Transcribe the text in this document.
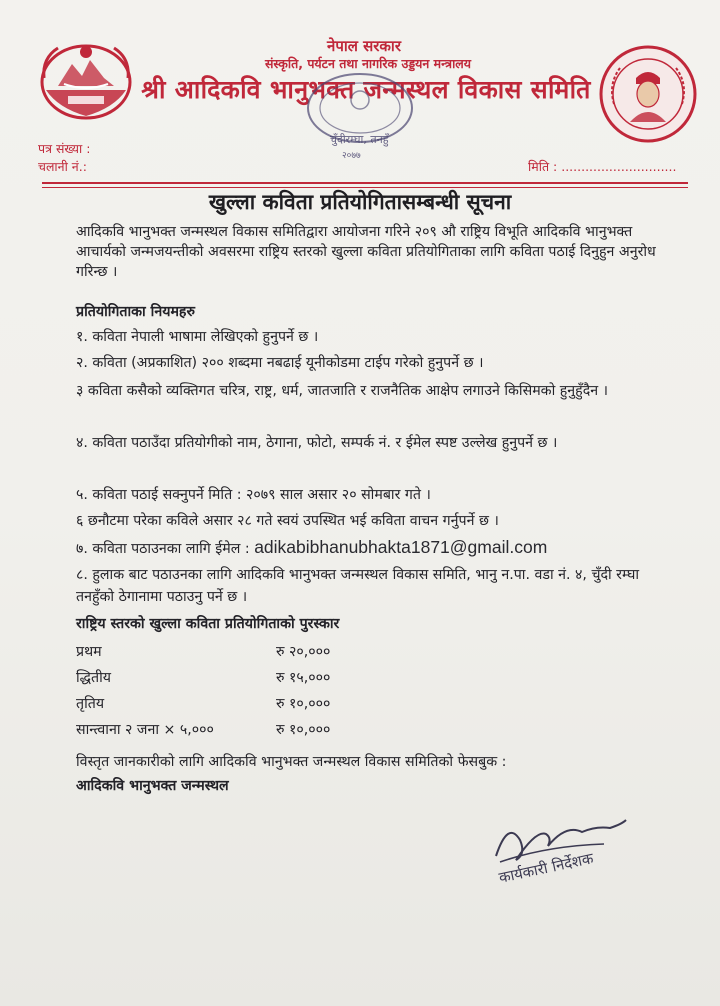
नेपाल सरकार
संस्कृति, पर्यटन तथा नागरिक उड्डयन मन्त्रालय
श्री आदिकवि भानुभक्त जन्मस्थल विकास समिति
चुँदीरम्घा, तनहुँ
२०७७
पत्र संख्या :
चलानी नं.:	मिति : .............................
खुल्ला कविता प्रतियोगितासम्बन्धी सूचना
आदिकवि भानुभक्त जन्मस्थल विकास समितिद्वारा आयोजना गरिने २०९ औ राष्ट्रिय विभूति आदिकवि भानुभक्त आचार्यको जन्मजयन्तीको अवसरमा राष्ट्रिय स्तरको खुल्ला कविता प्रतियोगिताका लागि कविता पठाई दिनुहुन अनुरोध गरिन्छ ।
प्रतियोगिताका नियमहरु
१. कविता नेपाली भाषामा लेखिएको हुनुपर्ने छ ।
२. कविता (अप्रकाशित) २०० शब्दमा नबढाई यूनीकोडमा टाईप गरेको हुनुपर्ने छ ।
३ कविता कसैको व्यक्तिगत चरित्र, राष्ट्र, धर्म, जातजाति र राजनैतिक आक्षेप लगाउने किसिमको हुनुहुँदैन ।
४. कविता पठाउँदा प्रतियोगीको नाम, ठेगाना, फोटो, सम्पर्क नं. र ईमेल स्पष्ट उल्लेख हुनुपर्ने छ ।
५. कविता पठाई सक्नुपर्ने मिति : २०७९ साल असार २० सोमबार गते ।
६ छनौटमा परेका कविले असार २८ गते स्वयं उपस्थित भई कविता वाचन गर्नुपर्ने छ ।
७. कविता पठाउनका लागि ईमेल : adikabibhanubhakta1871@gmail.com
८. हुलाक बाट पठाउनका लागि आदिकवि भानुभक्त जन्मस्थल विकास समिति, भानु न.पा. वडा नं. ४, चुँदी रम्घा तनहुँको ठेगानामा पठाउनु पर्ने छ ।
राष्ट्रिय स्तरको खुल्ला कविता प्रतियोगिताको पुरस्कार
प्रथम	रु २०,०००
द्धितीय	रु १५,०००
तृतिय	रु १०,०००
सान्त्वाना २ जना × ५,०००	रु १०,०००
विस्तृत जानकारीको लागि आदिकवि भानुभक्त जन्मस्थल विकास समितिको फेसबुक :
आदिकवि भानुभक्त जन्मस्थल
कार्यकारी निर्देशक
